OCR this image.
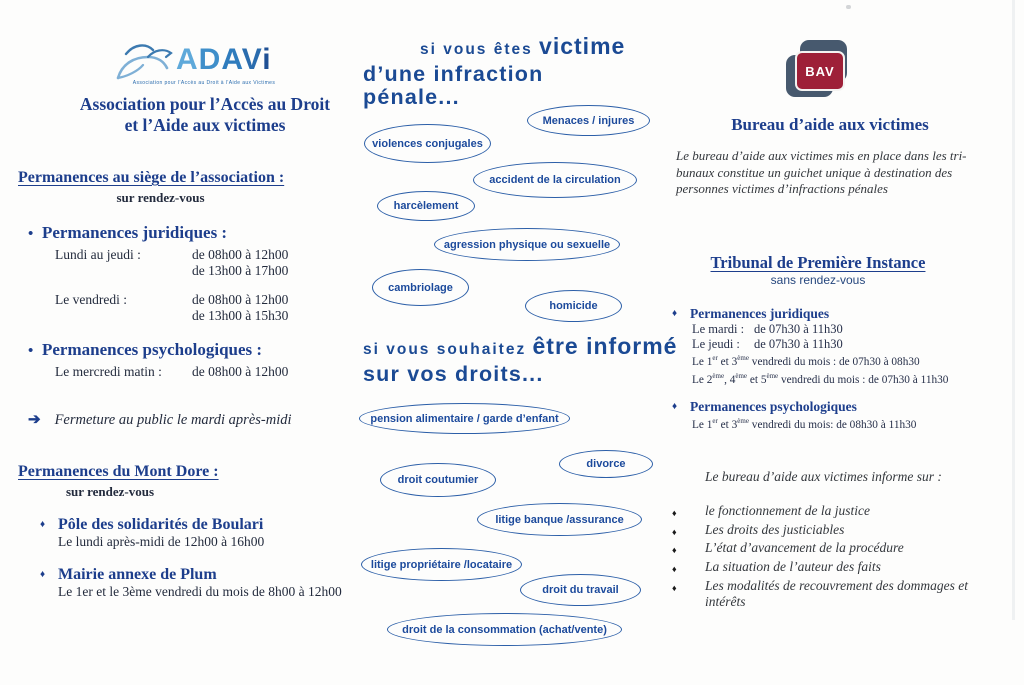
ADAVi
Association pour l’Accès au Droit à l’Aide aux Victimes
Association pour l’Accès au Droit
et l’Aide aux victimes
Permanences au siège de l’association :
sur rendez-vous
• Permanences juridiques :
Lundi au jeudi :	de 08h00 à 12h00
de 13h00 à 17h00
Le vendredi :	de 08h00 à 12h00
de 13h00 à 15h30
• Permanences psychologiques :
Le mercredi matin :	de 08h00 à 12h00
➔ Fermeture au public le mardi après-midi
Permanences du Mont Dore :
sur rendez-vous
♦ Pôle des solidarités de Boulari
Le lundi après-midi de 12h00 à 16h00
♦ Mairie annexe de Plum
Le 1er et le 3ème vendredi du mois de 8h00 à 12h00
si vous êtes victime
d’une infraction
pénale...
Menaces / injures
violences conjugales
accident de la circulation
harcèlement
agression physique ou sexuelle
cambriolage
homicide
si vous souhaitez être informé
sur vos droits...
pension alimentaire / garde d’enfant
divorce
droit coutumier
litige banque /assurance
litige propriétaire /locataire
droit du travail
droit de la consommation (achat/vente)
BAV
Bureau d’aide aux victimes
Le bureau d’aide aux victimes mis en place dans les tri-
bunaux constitue un guichet unique à destination des
personnes victimes d’infractions pénales
Tribunal de Première Instance
sans rendez-vous
♦ Permanences juridiques
Le mardi : de 07h30 à 11h30
Le jeudi :	de 07h30 à 11h30
Le 1er et 3ème vendredi du mois : de 07h30 à 08h30
Le 2ème, 4ème et 5ème vendredi du mois : de 07h30 à 11h30
♦ Permanences psychologiques
Le 1er et 3ème vendredi du mois: de 08h30 à 11h30
Le bureau d’aide aux victimes informe sur :
♦	le fonctionnement de la justice
♦	Les droits des justiciables
♦	L’état d’avancement de la procédure
♦	La situation de l’auteur des faits
♦	Les modalités de recouvrement des dommages et intérêts
